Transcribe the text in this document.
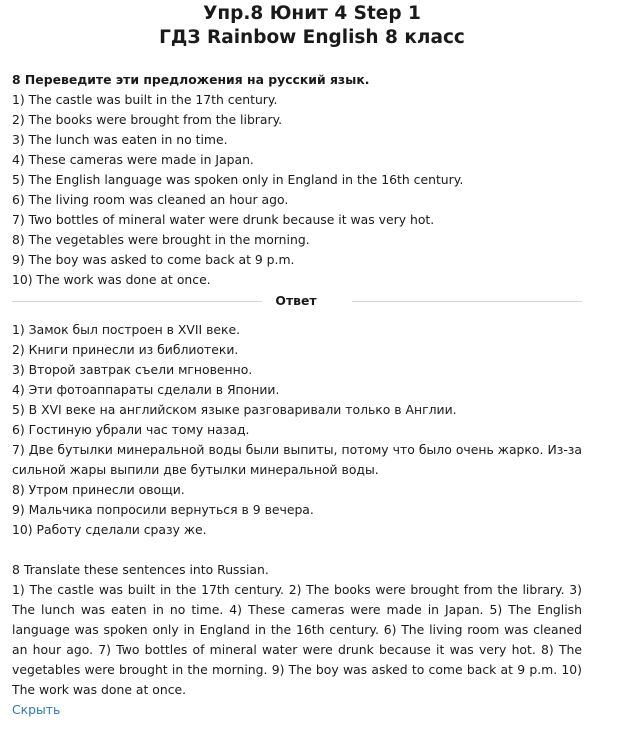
Упр.8 Юнит 4 Step 1
ГДЗ Rainbow English 8 класс

8 Переведите эти предложения на русский язык.

1) The castle was built in the 17th century.

2) The books were brought from the library.

3) The lunch was eaten in no time.

4) These cameras were made in Japan.

5) The English language was spoken only in England in the 16th century.

6) The living room was cleaned an hour ago.

7) Two bottles of mineral water were drunk because it was very hot.

8) The vegetables were brought in the morning.

9) The boy was asked to come back at 9 p.m.

10) The work was done at once.

Ответ

1) Замок был построен в XVII веке.

2) Книги принесли из библиотеки.

3) Второй завтрак съели мгновенно.

4) Эти фотоаппараты сделали в Японии.

5) В XVI веке на английском языке разговаривали только в Англии.

6) Гостиную убрали час тому назад.

7) Две бутылки минеральной воды были выпиты, потому что было очень жарко. Из-за сильной жары выпили две бутылки минеральной воды.

8) Утром принесли овощи.

9) Мальчика попросили вернуться в 9 вечера.

10) Работу сделали сразу же.

8 Translate these sentences into Russian.

1) The castle was built in the 17th century. 2) The books were brought from the library. 3) The lunch was eaten in no time. 4) These cameras were made in Japan. 5) The English language was spoken only in England in the 16th century. 6) The living room was cleaned an hour ago. 7) Two bottles of mineral water were drunk because it was very hot. 8) The vegetables were brought in the morning. 9) The boy was asked to come back at 9 p.m. 10) The work was done at once.

Скрыть
